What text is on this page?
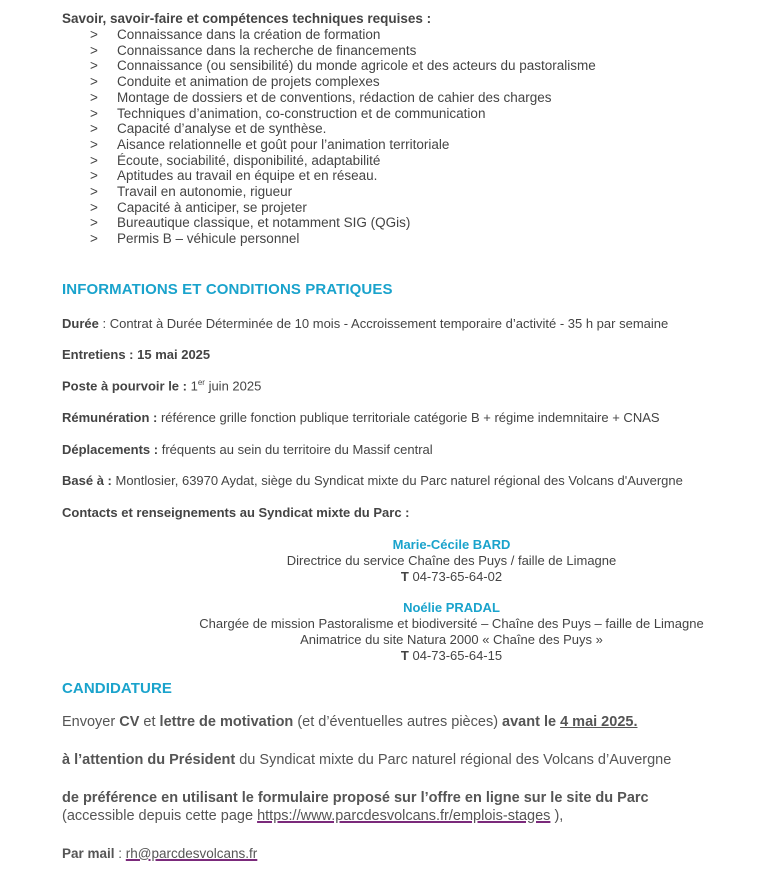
Savoir, savoir-faire et compétences techniques requises :
> Connaissance dans la création de formation
> Connaissance dans la recherche de financements
> Connaissance (ou sensibilité) du monde agricole et des acteurs du pastoralisme
> Conduite et animation de projets complexes
> Montage de dossiers et de conventions, rédaction de cahier des charges
> Techniques d’animation, co-construction et de communication
> Capacité d’analyse et de synthèse.
> Aisance relationnelle et goût pour l’animation territoriale
> Écoute, sociabilité, disponibilité, adaptabilité
> Aptitudes au travail en équipe et en réseau.
> Travail en autonomie, rigueur
> Capacité à anticiper, se projeter
> Bureautique classique, et notamment SIG (QGis)
> Permis B – véhicule personnel
INFORMATIONS ET CONDITIONS PRATIQUES
Durée : Contrat à Durée Déterminée de 10 mois - Accroissement temporaire d’activité - 35 h par semaine
Entretiens : 15 mai 2025
Poste à pourvoir le : 1er juin 2025
Rémunération : référence grille fonction publique territoriale catégorie B + régime indemnitaire + CNAS
Déplacements : fréquents au sein du territoire du Massif central
Basé à : Montlosier, 63970 Aydat, siège du Syndicat mixte du Parc naturel régional des Volcans d'Auvergne
Contacts et renseignements au Syndicat mixte du Parc :
Marie-Cécile BARD
Directrice du service Chaîne des Puys / faille de Limagne
T 04-73-65-64-02
Noélie PRADAL
Chargée de mission Pastoralisme et biodiversité – Chaîne des Puys – faille de Limagne
Animatrice du site Natura 2000 « Chaîne des Puys »
T 04-73-65-64-15
CANDIDATURE
Envoyer CV et lettre de motivation (et d’éventuelles autres pièces) avant le 4 mai 2025.
à l’attention du Président du Syndicat mixte du Parc naturel régional des Volcans d’Auvergne
de préférence en utilisant le formulaire proposé sur l’offre en ligne sur le site du Parc
(accessible depuis cette page https://www.parcdesvolcans.fr/emplois-stages ),
Par mail : rh@parcdesvolcans.fr
